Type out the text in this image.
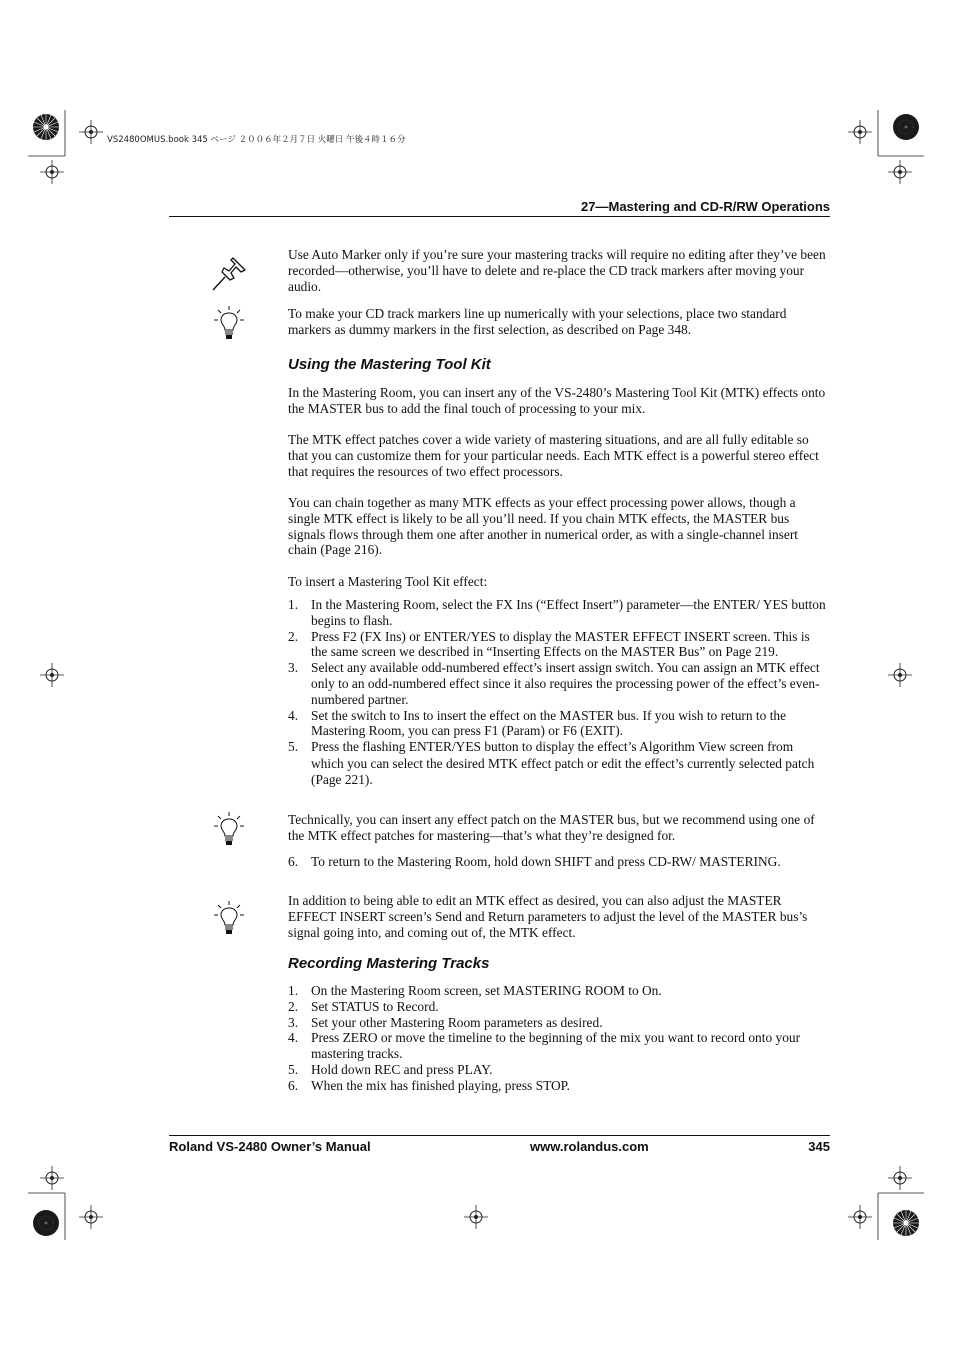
VS2480OMUS.book 345 ページ ２００６年２月７日 火曜日 午後４時１６分
27—Mastering and CD-R/RW Operations

Use Auto Marker only if you’re sure your mastering tracks will require no editing after they’ve been recorded—otherwise, you’ll have to delete and re-place the CD track markers after moving your audio.

To make your CD track markers line up numerically with your selections, place two standard markers as dummy markers in the first selection, as described on Page 348.

Using the Mastering Tool Kit

In the Mastering Room, you can insert any of the VS-2480’s Mastering Tool Kit (MTK) effects onto the MASTER bus to add the final touch of processing to your mix.

The MTK effect patches cover a wide variety of mastering situations, and are all fully editable so that you can customize them for your particular needs. Each MTK effect is a powerful stereo effect that requires the resources of two effect processors.

You can chain together as many MTK effects as your effect processing power allows, though a single MTK effect is likely to be all you’ll need. If you chain MTK effects, the MASTER bus signals flows through them one after another in numerical order, as with a single-channel insert chain (Page 216).

To insert a Mastering Tool Kit effect:

1. In the Mastering Room, select the FX Ins (“Effect Insert”) parameter—the ENTER/ YES button begins to flash.
2. Press F2 (FX Ins) or ENTER/YES to display the MASTER EFFECT INSERT screen. This is the same screen we described in “Inserting Effects on the MASTER Bus” on Page 219.
3. Select any available odd-numbered effect’s insert assign switch. You can assign an MTK effect only to an odd-numbered effect since it also requires the processing power of the effect’s even-numbered partner.
4. Set the switch to Ins to insert the effect on the MASTER bus. If you wish to return to the Mastering Room, you can press F1 (Param) or F6 (EXIT).
5. Press the flashing ENTER/YES button to display the effect’s Algorithm View screen from which you can select the desired MTK effect patch or edit the effect’s currently selected patch (Page 221).

Technically, you can insert any effect patch on the MASTER bus, but we recommend using one of the MTK effect patches for mastering—that’s what they’re designed for.

6. To return to the Mastering Room, hold down SHIFT and press CD-RW/ MASTERING.

In addition to being able to edit an MTK effect as desired, you can also adjust the MASTER EFFECT INSERT screen’s Send and Return parameters to adjust the level of the MASTER bus’s signal going into, and coming out of, the MTK effect.

Recording Mastering Tracks
1. On the Mastering Room screen, set MASTERING ROOM to On.
2. Set STATUS to Record.
3. Set your other Mastering Room parameters as desired.
4. Press ZERO or move the timeline to the beginning of the mix you want to record onto your mastering tracks.
5. Hold down REC and press PLAY.
6. When the mix has finished playing, press STOP.
Roland VS-2480 Owner’s Manual	www.rolandus.com	345
